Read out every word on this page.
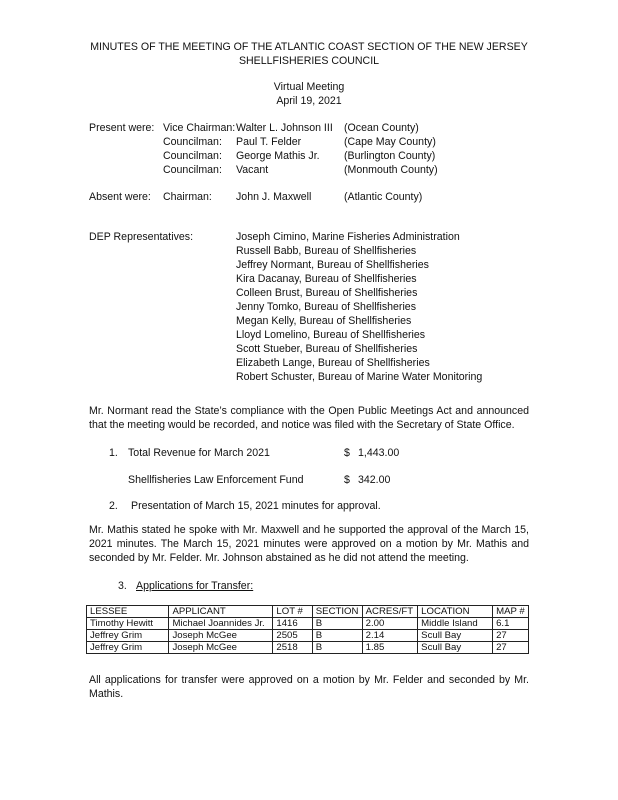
MINUTES OF THE MEETING OF THE ATLANTIC COAST SECTION OF THE NEW JERSEY
SHELLFISHERIES COUNCIL
Virtual Meeting
April 19, 2021
Present were: Vice Chairman: Walter L. Johnson III (Ocean County)
Councilman: Paul T. Felder	(Cape May County)
Councilman: George Mathis Jr. (Burlington County)
Councilman: Vacant	(Monmouth County)
Absent were: Chairman: John J. Maxwell	(Atlantic County)
DEP Representatives:	Joseph Cimino, Marine Fisheries Administration
Russell Babb, Bureau of Shellfisheries
Jeffrey Normant, Bureau of Shellfisheries
Kira Dacanay, Bureau of Shellfisheries
Colleen Brust, Bureau of Shellfisheries
Jenny Tomko, Bureau of Shellfisheries
Megan Kelly, Bureau of Shellfisheries
Lloyd Lomelino, Bureau of Shellfisheries
Scott Stueber, Bureau of Shellfisheries
Elizabeth Lange, Bureau of Shellfisheries
Robert Schuster, Bureau of Marine Water Monitoring
Mr. Normant read the State’s compliance with the Open Public Meetings Act and announced that the meeting would be recorded, and notice was filed with the Secretary of State Office.
1. Total Revenue for March 2021	$ 1,443.00
Shellfisheries Law Enforcement Fund	$ 342.00
2. Presentation of March 15, 2021 minutes for approval.
Mr. Mathis stated he spoke with Mr. Maxwell and he supported the approval of the March 15, 2021 minutes. The March 15, 2021 minutes were approved on a motion by Mr. Mathis and seconded by Mr. Felder. Mr. Johnson abstained as he did not attend the meeting.
3. Applications for Transfer:
LESSEE	APPLICANT	LOT #	SECTION	ACRES/FT	LOCATION	MAP #
Timothy Hewitt	Michael Joannides Jr.	1416	B	2.00	Middle Island	6.1
Jeffrey Grim	Joseph McGee	2505	B	2.14	Scull Bay	27
Jeffrey Grim	Joseph McGee	2518	B	1.85	Scull Bay	27
All applications for transfer were approved on a motion by Mr. Felder and seconded by Mr. Mathis.
